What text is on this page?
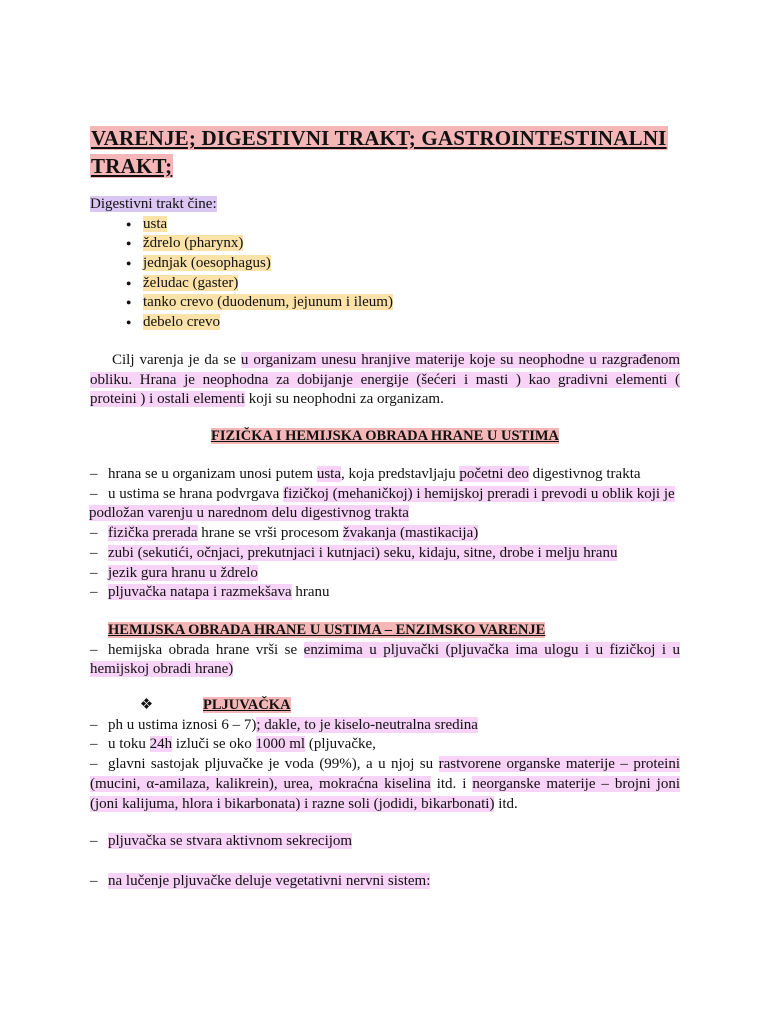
VARENJE; DIGESTIVNI TRAKT; GASTROINTESTINALNI
TRAKT;
Digestivni trakt čine:
● usta
● ždrelo (pharynx)
● jednjak (oesophagus)
● želudac (gaster)
● tanko crevo (duodenum, jejunum i ileum)
● debelo crevo
Cilj varenja je da se u organizam unesu hranjive materije koje su neophodne u razgrađenom
obliku. Hrana je neophodna za dobijanje energije (šećeri i masti ) kao gradivni elementi (
proteini ) i ostali elementi koji su neophodni za organizam.
FIZIČKA I HEMIJSKA OBRADA HRANE U USTIMA
– hrana se u organizam unosi putem usta, koja predstavljaju početni deo digestivnog trakta
– u ustima se hrana podvrgava fizičkoj (mehaničkoj) i hemijskoj preradi i prevodi u oblik koji je
podložan varenju u narednom delu digestivnog trakta
– fizička prerada hrane se vrši procesom žvakanja (mastikacija)
– zubi (sekutići, očnjaci, prekutnjaci i kutnjaci) seku, kidaju, sitne, drobe i melju hranu
– jezik gura hranu u ždrelo
– pljuvačka natapa i razmekšava hranu
HEMIJSKA OBRADA HRANE U USTIMA – ENZIMSKO VARENJE
– hemijska obrada hrane vrši se enzimima u pljuvački (pljuvačka ima ulogu i u fizičkoj i u
hemijskoj obradi hrane)
❖	PLJUVAČKA
– ph u ustima iznosi 6 – 7); dakle, to je kiselo-neutralna sredina
– u toku 24h izluči se oko 1000 ml (pljuvačke,
– glavni sastojak pljuvačke je voda (99%), a u njoj su rastvorene organske materije – proteini
(mucini, α-amilaza, kalikrein), urea, mokraćna kiselina itd. i neorganske materije – brojni joni
(joni kalijuma, hlora i bikarbonata) i razne soli (jodidi, bikarbonati) itd.
– pljuvačka se stvara aktivnom sekrecijom
– na lučenje pljuvačke deluje vegetativni nervni sistem:
